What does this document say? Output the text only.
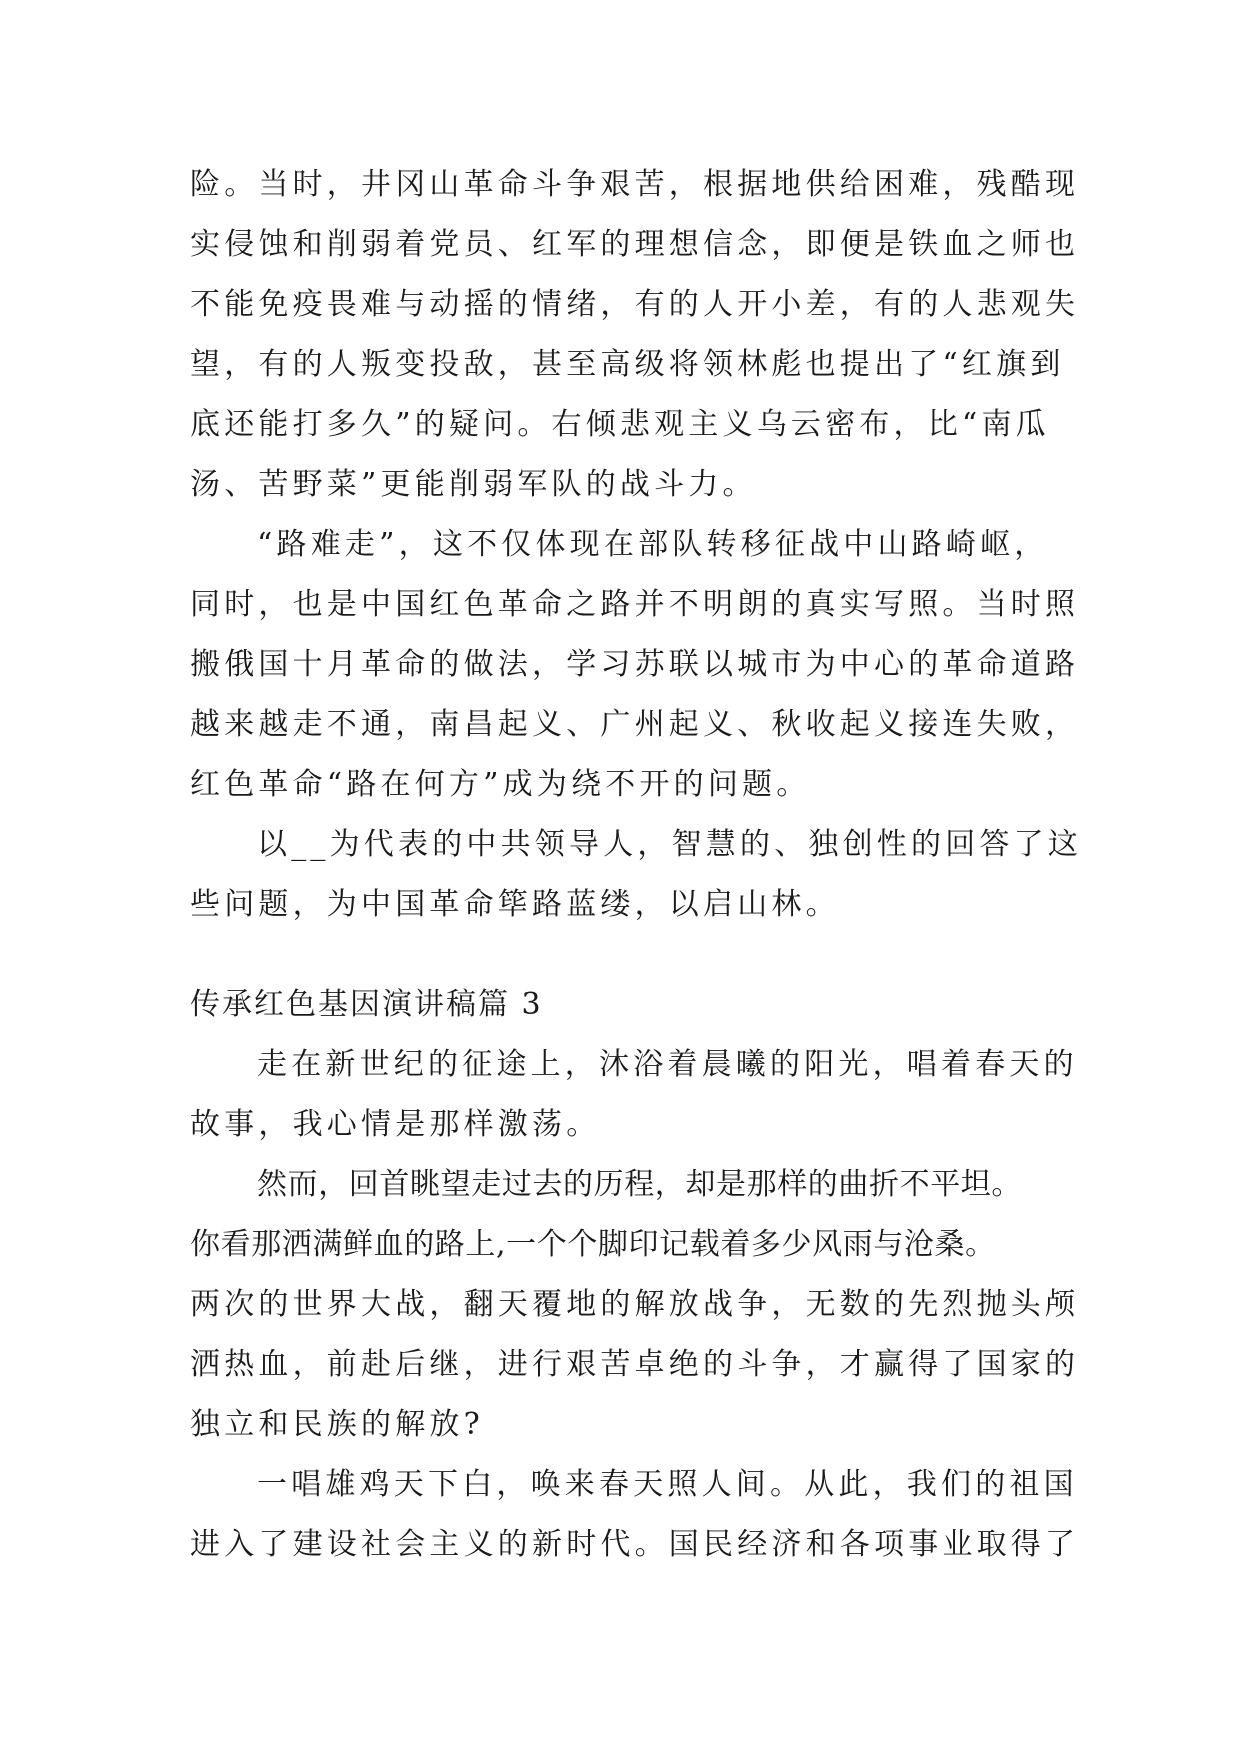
险。当时，井冈山革命斗争艰苦，根据地供给困难，残酷现
实侵蚀和削弱着党员、红军的理想信念，即便是铁血之师也
不能免疫畏难与动摇的情绪，有的人开小差，有的人悲观失
望，有的人叛变投敌，甚至高级将领林彪也提出了“红旗到
底还能打多久”的疑问。右倾悲观主义乌云密布，比“南瓜
汤、苦野菜”更能削弱军队的战斗力。
“路难走”，这不仅体现在部队转移征战中山路崎岖，
同时，也是中国红色革命之路并不明朗的真实写照。当时照
搬俄国十月革命的做法，学习苏联以城市为中心的革命道路
越来越走不通，南昌起义、广州起义、秋收起义接连失败，
红色革命“路在何方”成为绕不开的问题。
以__为代表的中共领导人，智慧的、独创性的回答了这
些问题，为中国革命筚路蓝缕，以启山林。
传承红色基因演讲稿篇 3
走在新世纪的征途上，沐浴着晨曦的阳光，唱着春天的
故事，我心情是那样激荡。
然而，回首眺望走过去的历程，却是那样的曲折不平坦。
你看那洒满鲜血的路上,一个个脚印记载着多少风雨与沧桑。
两次的世界大战，翻天覆地的解放战争，无数的先烈抛头颅
洒热血，前赴后继，进行艰苦卓绝的斗争，才赢得了国家的
独立和民族的解放?
一唱雄鸡天下白，唤来春天照人间。从此，我们的祖国
进入了建设社会主义的新时代。国民经济和各项事业取得了
